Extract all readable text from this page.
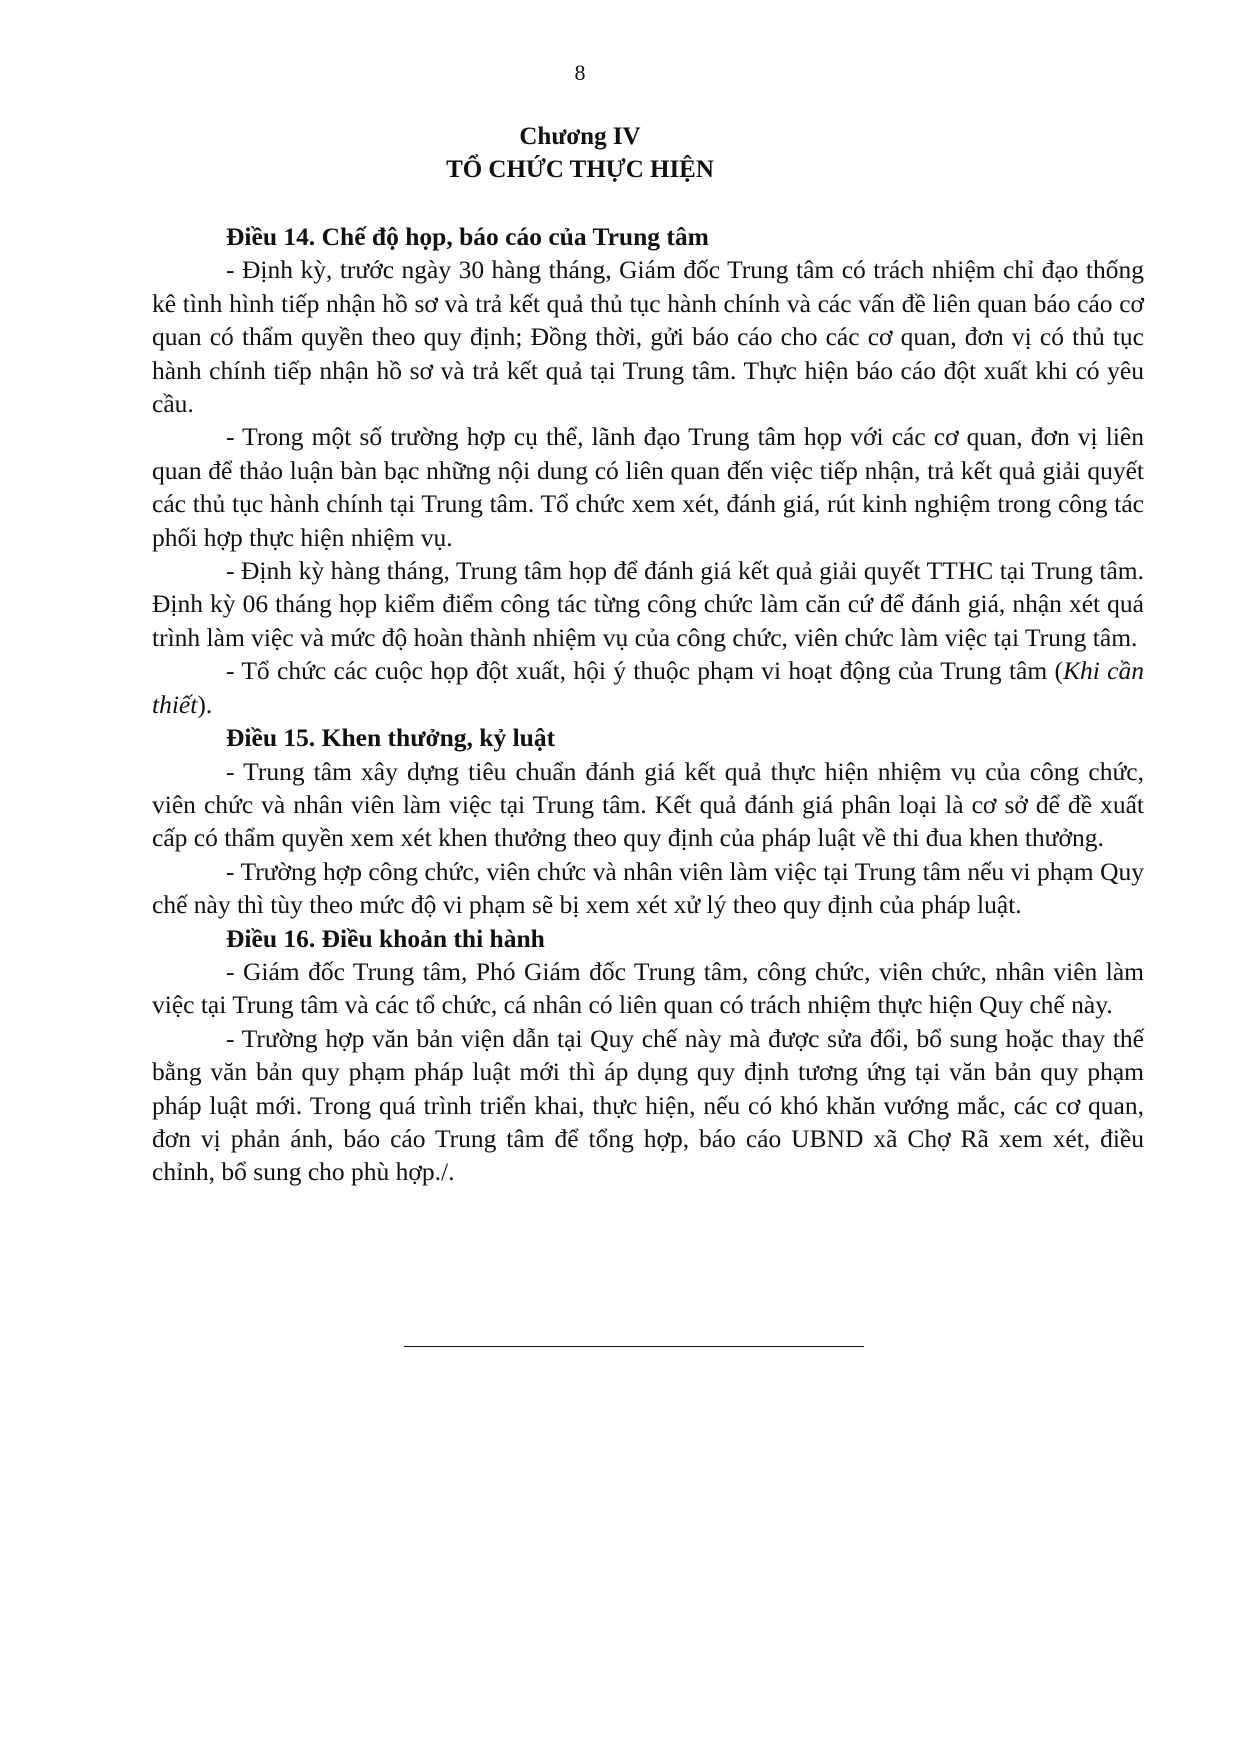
8
Chương IV
TỔ CHỨC THỰC HIỆN
Điều 14. Chế độ họp, báo cáo của Trung tâm

- Định kỳ, trước ngày 30 hàng tháng, Giám đốc Trung tâm có trách nhiệm chỉ đạo thống kê tình hình tiếp nhận hồ sơ và trả kết quả thủ tục hành chính và các vấn đề liên quan báo cáo cơ quan có thẩm quyền theo quy định; Đồng thời, gửi báo cáo cho các cơ quan, đơn vị có thủ tục hành chính tiếp nhận hồ sơ và trả kết quả tại Trung tâm. Thực hiện báo cáo đột xuất khi có yêu cầu.

- Trong một số trường hợp cụ thể, lãnh đạo Trung tâm họp với các cơ quan, đơn vị liên quan để thảo luận bàn bạc những nội dung có liên quan đến việc tiếp nhận, trả kết quả giải quyết các thủ tục hành chính tại Trung tâm. Tổ chức xem xét, đánh giá, rút kinh nghiệm trong công tác phối hợp thực hiện nhiệm vụ.

- Định kỳ hàng tháng, Trung tâm họp để đánh giá kết quả giải quyết TTHC tại Trung tâm. Định kỳ 06 tháng họp kiểm điểm công tác từng công chức làm căn cứ để đánh giá, nhận xét quá trình làm việc và mức độ hoàn thành nhiệm vụ của công chức, viên chức làm việc tại Trung tâm.

- Tổ chức các cuộc họp đột xuất, hội ý thuộc phạm vi hoạt động của Trung tâm (Khi cần thiết).

Điều 15. Khen thưởng, kỷ luật

- Trung tâm xây dựng tiêu chuẩn đánh giá kết quả thực hiện nhiệm vụ của công chức, viên chức và nhân viên làm việc tại Trung tâm. Kết quả đánh giá phân loại là cơ sở để đề xuất cấp có thẩm quyền xem xét khen thưởng theo quy định của pháp luật về thi đua khen thưởng.

- Trường hợp công chức, viên chức và nhân viên làm việc tại Trung tâm nếu vi phạm Quy chế này thì tùy theo mức độ vi phạm sẽ bị xem xét xử lý theo quy định của pháp luật.

Điều 16. Điều khoản thi hành

- Giám đốc Trung tâm, Phó Giám đốc Trung tâm, công chức, viên chức, nhân viên làm việc tại Trung tâm và các tổ chức, cá nhân có liên quan có trách nhiệm thực hiện Quy chế này.

- Trường hợp văn bản viện dẫn tại Quy chế này mà được sửa đổi, bổ sung hoặc thay thế bằng văn bản quy phạm pháp luật mới thì áp dụng quy định tương ứng tại văn bản quy phạm pháp luật mới. Trong quá trình triển khai, thực hiện, nếu có khó khăn vướng mắc, các cơ quan, đơn vị phản ánh, báo cáo Trung tâm để tổng hợp, báo cáo UBND xã Chợ Rã xem xét, điều chỉnh, bổ sung cho phù hợp./.
